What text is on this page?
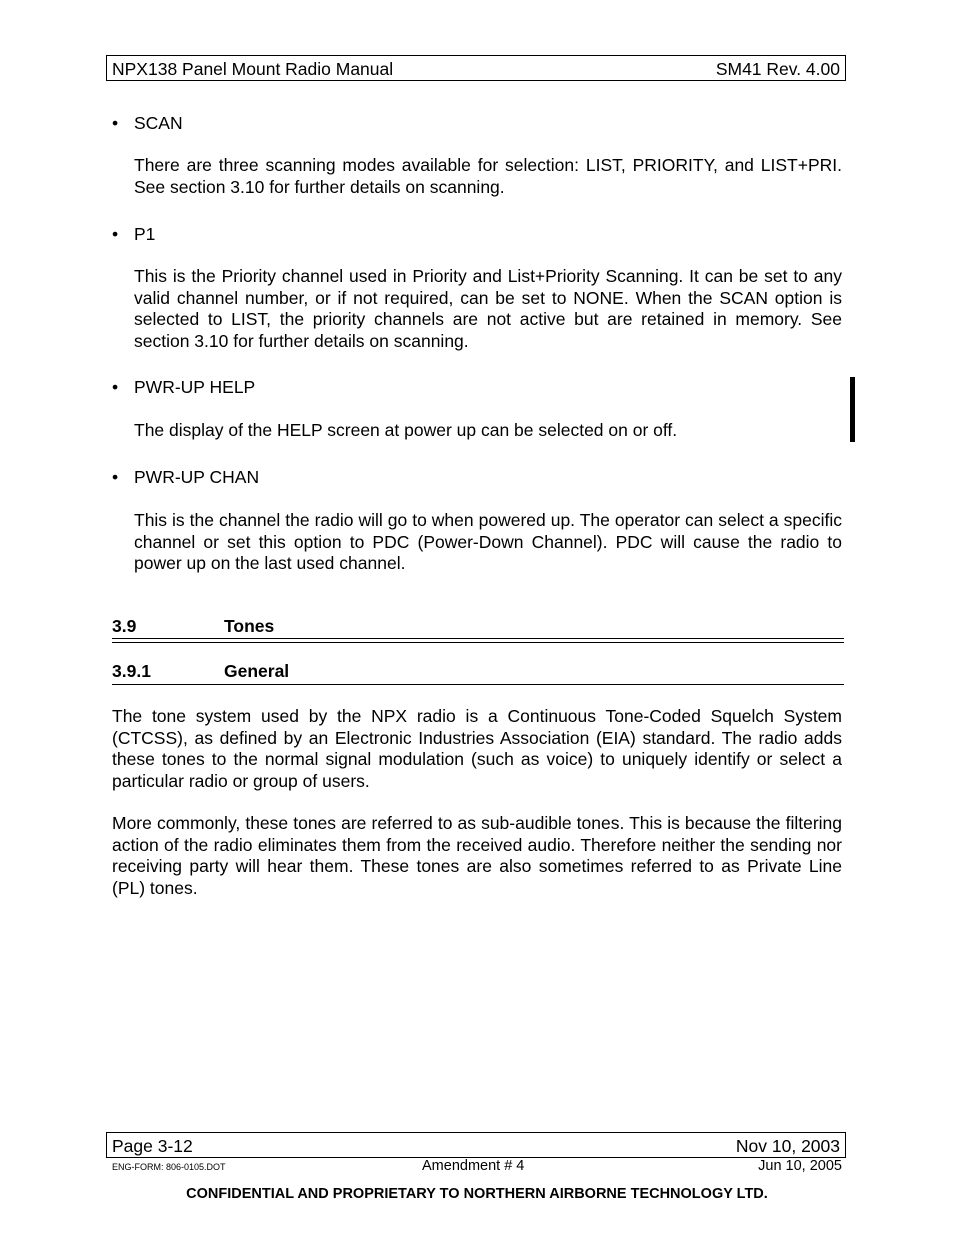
NPX138 Panel Mount Radio Manual	SM41 Rev. 4.00
• SCAN
There are three scanning modes available for selection: LIST, PRIORITY, and LIST+PRI. See section 3.10 for further details on scanning.
• P1
This is the Priority channel used in Priority and List+Priority Scanning. It can be set to any valid channel number, or if not required, can be set to NONE. When the SCAN option is selected to LIST, the priority channels are not active but are retained in memory. See section 3.10 for further details on scanning.
• PWR-UP HELP
The display of the HELP screen at power up can be selected on or off.
• PWR-UP CHAN
This is the channel the radio will go to when powered up. The operator can select a specific channel or set this option to PDC (Power-Down Channel). PDC will cause the radio to power up on the last used channel.
3.9	Tones
3.9.1	General
The tone system used by the NPX radio is a Continuous Tone-Coded Squelch System (CTCSS), as defined by an Electronic Industries Association (EIA) standard. The radio adds these tones to the normal signal modulation (such as voice) to uniquely identify or select a particular radio or group of users.
More commonly, these tones are referred to as sub-audible tones. This is because the filtering action of the radio eliminates them from the received audio. Therefore neither the sending nor receiving party will hear them. These tones are also sometimes referred to as Private Line (PL) tones.
Page 3-12	Nov 10, 2003
ENG-FORM: 806-0105.DOT	Amendment # 4	Jun 10, 2005
CONFIDENTIAL AND PROPRIETARY TO NORTHERN AIRBORNE TECHNOLOGY LTD.
